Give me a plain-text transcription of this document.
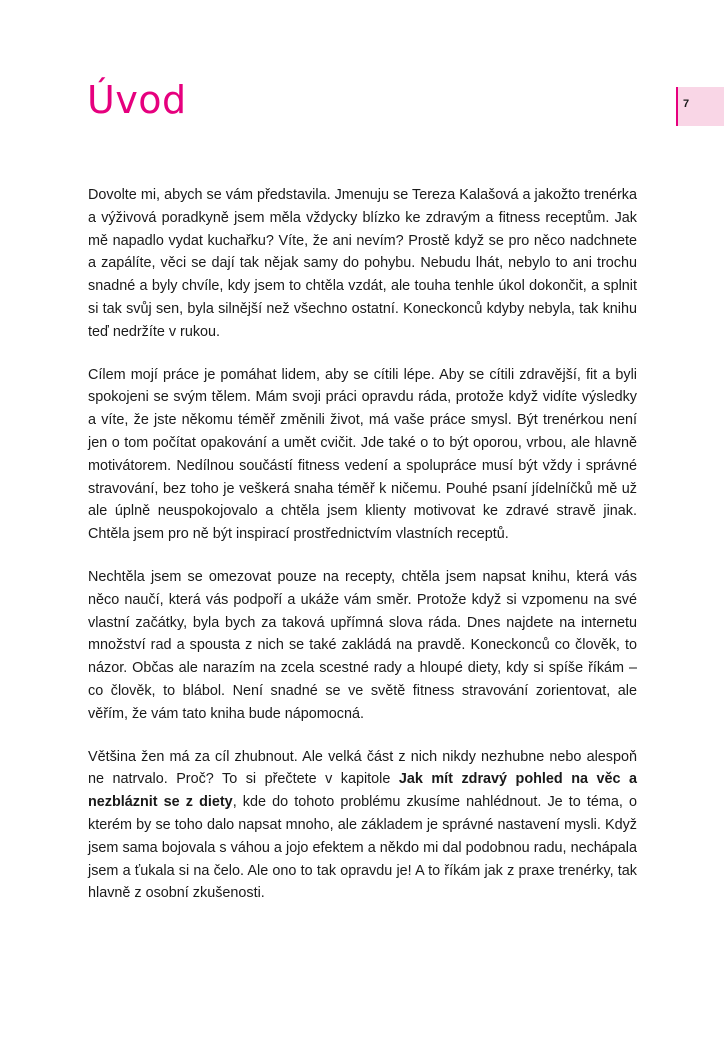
Úvod	7

Dovolte mi, abych se vám představila. Jmenuju se Tereza Kalašová a jakožto trenérka a výživová poradkyně jsem měla vždycky blízko ke zdravým a fitness receptům. Jak mě napadlo vydat kuchařku? Víte, že ani nevím? Prostě když se pro něco nadchnete a zapálíte, věci se dají tak nějak samy do pohybu. Nebudu lhát, nebylo to ani trochu snadné a byly chvíle, kdy jsem to chtěla vzdát, ale touha tenhle úkol dokončit, a splnit si tak svůj sen, byla silnější než všechno ostatní. Koneckonců kdyby nebyla, tak knihu teď nedržíte v rukou.

Cílem mojí práce je pomáhat lidem, aby se cítili lépe. Aby se cítili zdravější, fit a byli spokojeni se svým tělem. Mám svoji práci opravdu ráda, protože když vidíte výsledky a víte, že jste někomu téměř změnili život, má vaše práce smysl. Být trenérkou není jen o tom počítat opakování a umět cvičit. Jde také o to být oporou, vrbou, ale hlavně motivátorem. Nedílnou součástí fitness vedení a spolupráce musí být vždy i správné stravování, bez toho je veškerá snaha téměř k ničemu. Pouhé psaní jídelníčků mě už ale úplně neuspokojovalo a chtěla jsem klienty motivovat ke zdravé stravě jinak. Chtěla jsem pro ně být inspirací prostřednictvím vlastních receptů.

Nechtěla jsem se omezovat pouze na recepty, chtěla jsem napsat knihu, která vás něco naučí, která vás podpoří a ukáže vám směr. Protože když si vzpomenu na své vlastní začátky, byla bych za taková upřímná slova ráda. Dnes najdete na internetu množství rad a spousta z nich se také zakládá na pravdě. Koneckonců co člověk, to názor. Občas ale narazím na zcela scestné rady a hloupé diety, kdy si spíše říkám – co člověk, to blábol. Není snadné se ve světě fitness stravování zorientovat, ale věřím, že vám tato kniha bude nápomocná.

Většina žen má za cíl zhubnout. Ale velká část z nich nikdy nezhubne nebo alespoň ne natrvalo. Proč? To si přečtete v kapitole Jak mít zdravý pohled na věc a nezbláznit se z diety, kde do tohoto problému zkusíme nahlédnout. Je to téma, o kterém by se toho dalo napsat mnoho, ale základem je správné nastavení mysli. Když jsem sama bojovala s váhou a jojo efektem a někdo mi dal podobnou radu, nechápala jsem a ťukala si na čelo. Ale ono to tak opravdu je! A to říkám jak z praxe trenérky, tak hlavně z osobní zkušenosti.
